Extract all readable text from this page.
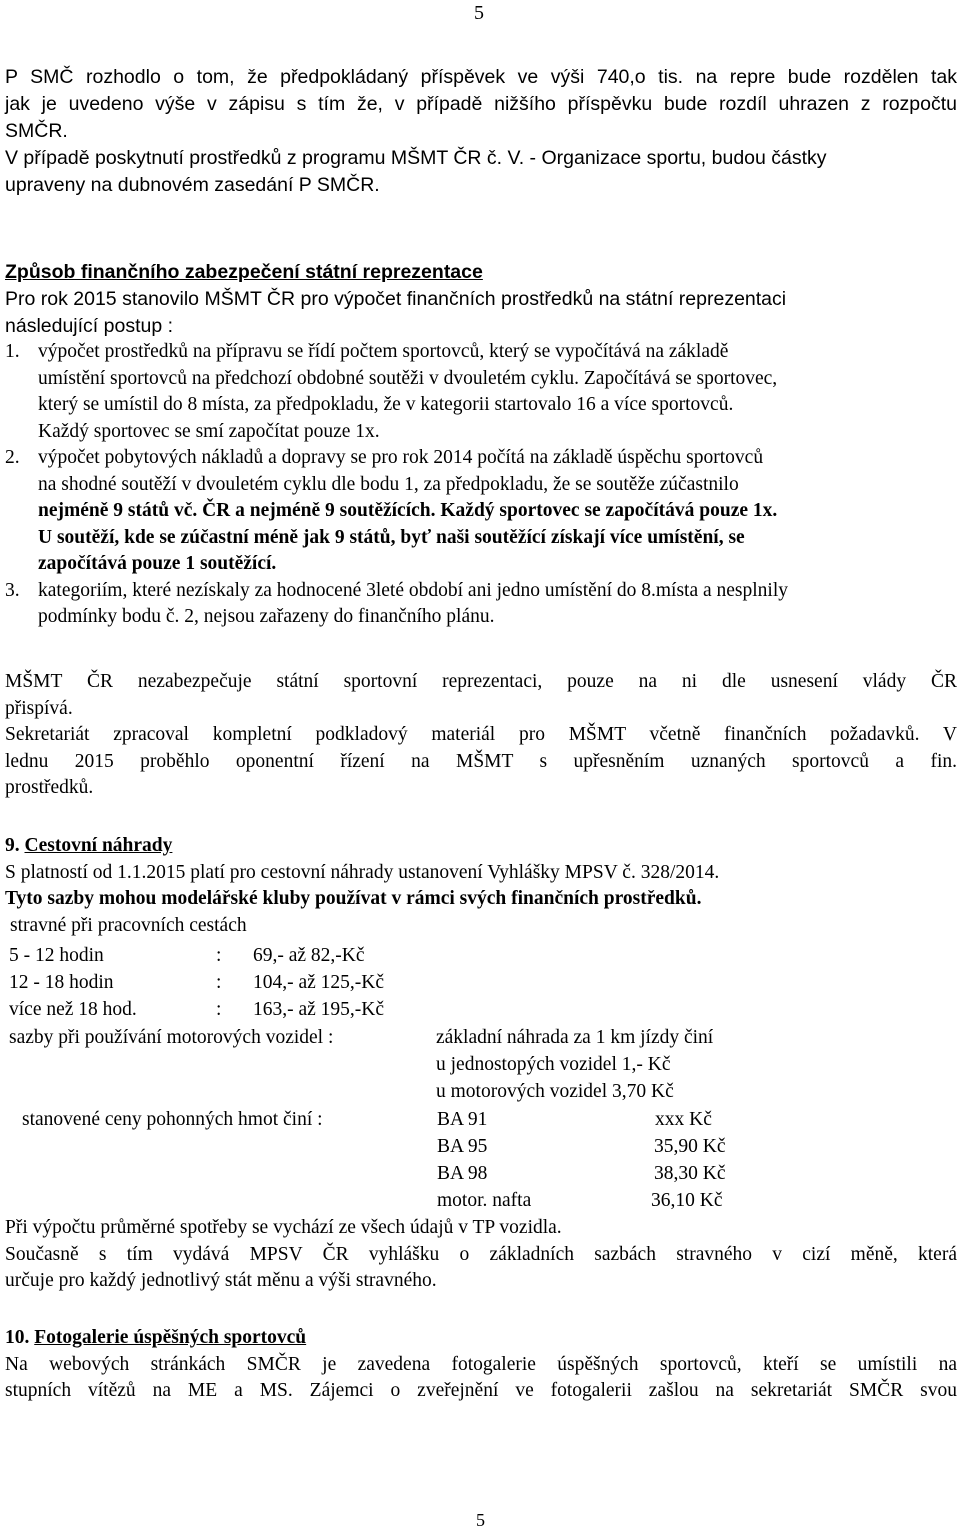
5
P SMČ rozhodlo o tom, že předpokládaný příspěvek ve výši 740,o tis. na repre bude rozdělen tak
jak je uvedeno výše v zápisu s tím že, v případě nižšího příspěvku bude rozdíl uhrazen z rozpočtu
SMČR.
V případě poskytnutí prostředků z programu MŠMT ČR č. V. - Organizace sportu, budou částky
upraveny na dubnovém zasedání P SMČR.
Způsob finančního zabezpečení státní reprezentace
Pro rok 2015 stanovilo MŠMT ČR pro výpočet finančních prostředků na státní reprezentaci
následující postup :
1. výpočet prostředků na přípravu se řídí počtem sportovců, který se vypočítává na základě
umístění sportovců na předchozí obdobné soutěži v dvouletém cyklu. Započítává se sportovec,
který se umístil do 8 místa, za předpokladu, že v kategorii startovalo 16 a více sportovců.
Každý sportovec se smí započítat pouze 1x.
2. výpočet pobytových nákladů a dopravy se pro rok 2014 počítá na základě úspěchu sportovců
na shodné soutěží v dvouletém cyklu dle bodu 1, za předpokladu, že se soutěže zúčastnilo
nejméně 9 států vč. ČR a nejméně 9 soutěžících. Každý sportovec se započítává pouze 1x.
U soutěží, kde se zúčastní méně jak 9 států, byť naši soutěžící získají více umístění, se
započítává pouze 1 soutěžící.
3. kategoriím, které nezískaly za hodnocené 3leté období ani jedno umístění do 8.místa a nesplnily
podmínky bodu č. 2, nejsou zařazeny do finančního plánu.
MŠMT ČR nezabezpečuje státní sportovní reprezentaci, pouze na ni dle usnesení vlády ČR
přispívá.
Sekretariát zpracoval kompletní podkladový materiál pro MŠMT včetně finančních požadavků. V
lednu 2015 proběhlo oponentní řízení na MŠMT s upřesněním uznaných sportovců a fin.
prostředků.
9. Cestovní náhrady
S platností od 1.1.2015 platí pro cestovní náhrady ustanovení Vyhlášky MPSV č. 328/2014.
Tyto sazby mohou modelářské kluby používat v rámci svých finančních prostředků.
stravné při pracovních cestách
5 - 12 hodin	: 69,- až 82,-Kč
12 - 18 hodin	: 104,- až 125,-Kč
více než 18 hod.	: 163,- až 195,-Kč
sazby při používání motorových vozidel :	základní náhrada za 1 km jízdy činí
u jednostopých vozidel 1,- Kč
u motorových vozidel 3,70 Kč
stanovené ceny pohonných hmot činí :	BA 91	xxx Kč
BA 95	35,90 Kč
BA 98	38,30 Kč
motor. nafta	36,10 Kč
Při výpočtu průměrné spotřeby se vychází ze všech údajů v TP vozidla.
Současně s tím vydává MPSV ČR vyhlášku o základních sazbách stravného v cizí měně, která
určuje pro každý jednotlivý stát měnu a výši stravného.
10. Fotogalerie úspěšných sportovců
Na webových stránkách SMČR je zavedena fotogalerie úspěšných sportovců, kteří se umístili na
stupních vítězů na ME a MS. Zájemci o zveřejnění ve fotogalerii zašlou na sekretariát SMČR svou
5
